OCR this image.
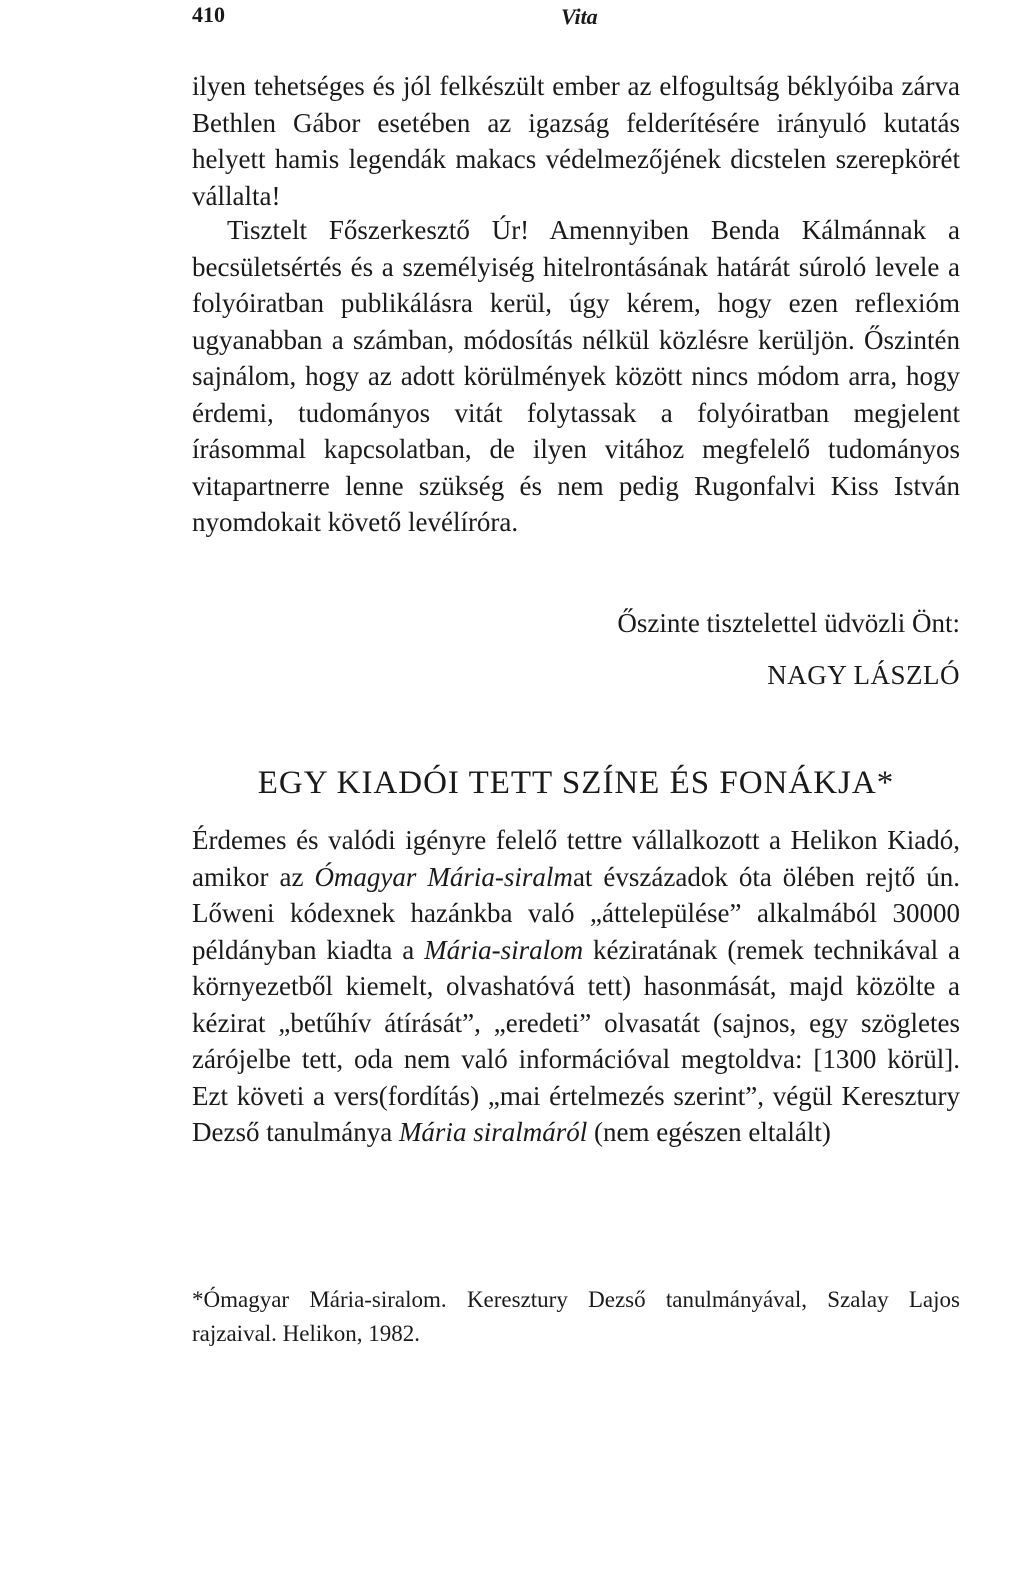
410	Vita

ilyen tehetséges és jól felkészült ember az elfogultság béklyóiba zárva Bethlen Gábor esetében az igazság felderítésére irányuló kutatás helyett hamis legendák makacs védelmezőjének dicstelen szerepkörét vállalta!

Tisztelt Főszerkesztő Úr! Amennyiben Benda Kálmánnak a becsületsértés és a személyiség hitelrontásának határát súroló levele a folyóiratban publikálásra kerül, úgy kérem, hogy ezen reflexióm ugyanabban a számban, módosítás nélkül közlésre kerüljön. Őszintén sajnálom, hogy az adott körülmények között nincs módom arra, hogy érdemi, tudományos vitát folytassak a folyóiratban megjelent írásommal kapcsolatban, de ilyen vitához megfelelő tudományos vitapartnerre lenne szükség és nem pedig Rugonfalvi Kiss István nyomdokait követő levélíróra.

Őszinte tisztelettel üdvözli Önt:

NAGY LÁSZLÓ

EGY KIADÓI TETT SZÍNE ÉS FONÁKJA*

Érdemes és valódi igényre felelő tettre vállalkozott a Helikon Kiadó, amikor az Ómagyar Mária-siralmat évszázadok óta ölében rejtő ún. Lőweni kódexnek hazánkba való „áttelepülése” alkalmából 30000 példányban kiadta a Mária-siralom kéziratának (remek technikával a környezetből kiemelt, olvashatóvá tett) hasonmását, majd közölte a kézirat „betűhív átírását”, „eredeti” olvasatát (sajnos, egy szögletes zárójelbe tett, oda nem való információval megtoldva: [1300 körül]. Ezt követi a vers(fordítás) „mai értelmezés szerint”, végül Keresztury Dezső tanulmánya Mária siralmáról (nem egészen eltalált)

*Ómagyar Mária-siralom. Keresztury Dezső tanulmányával, Szalay Lajos rajzaival. Helikon, 1982.
